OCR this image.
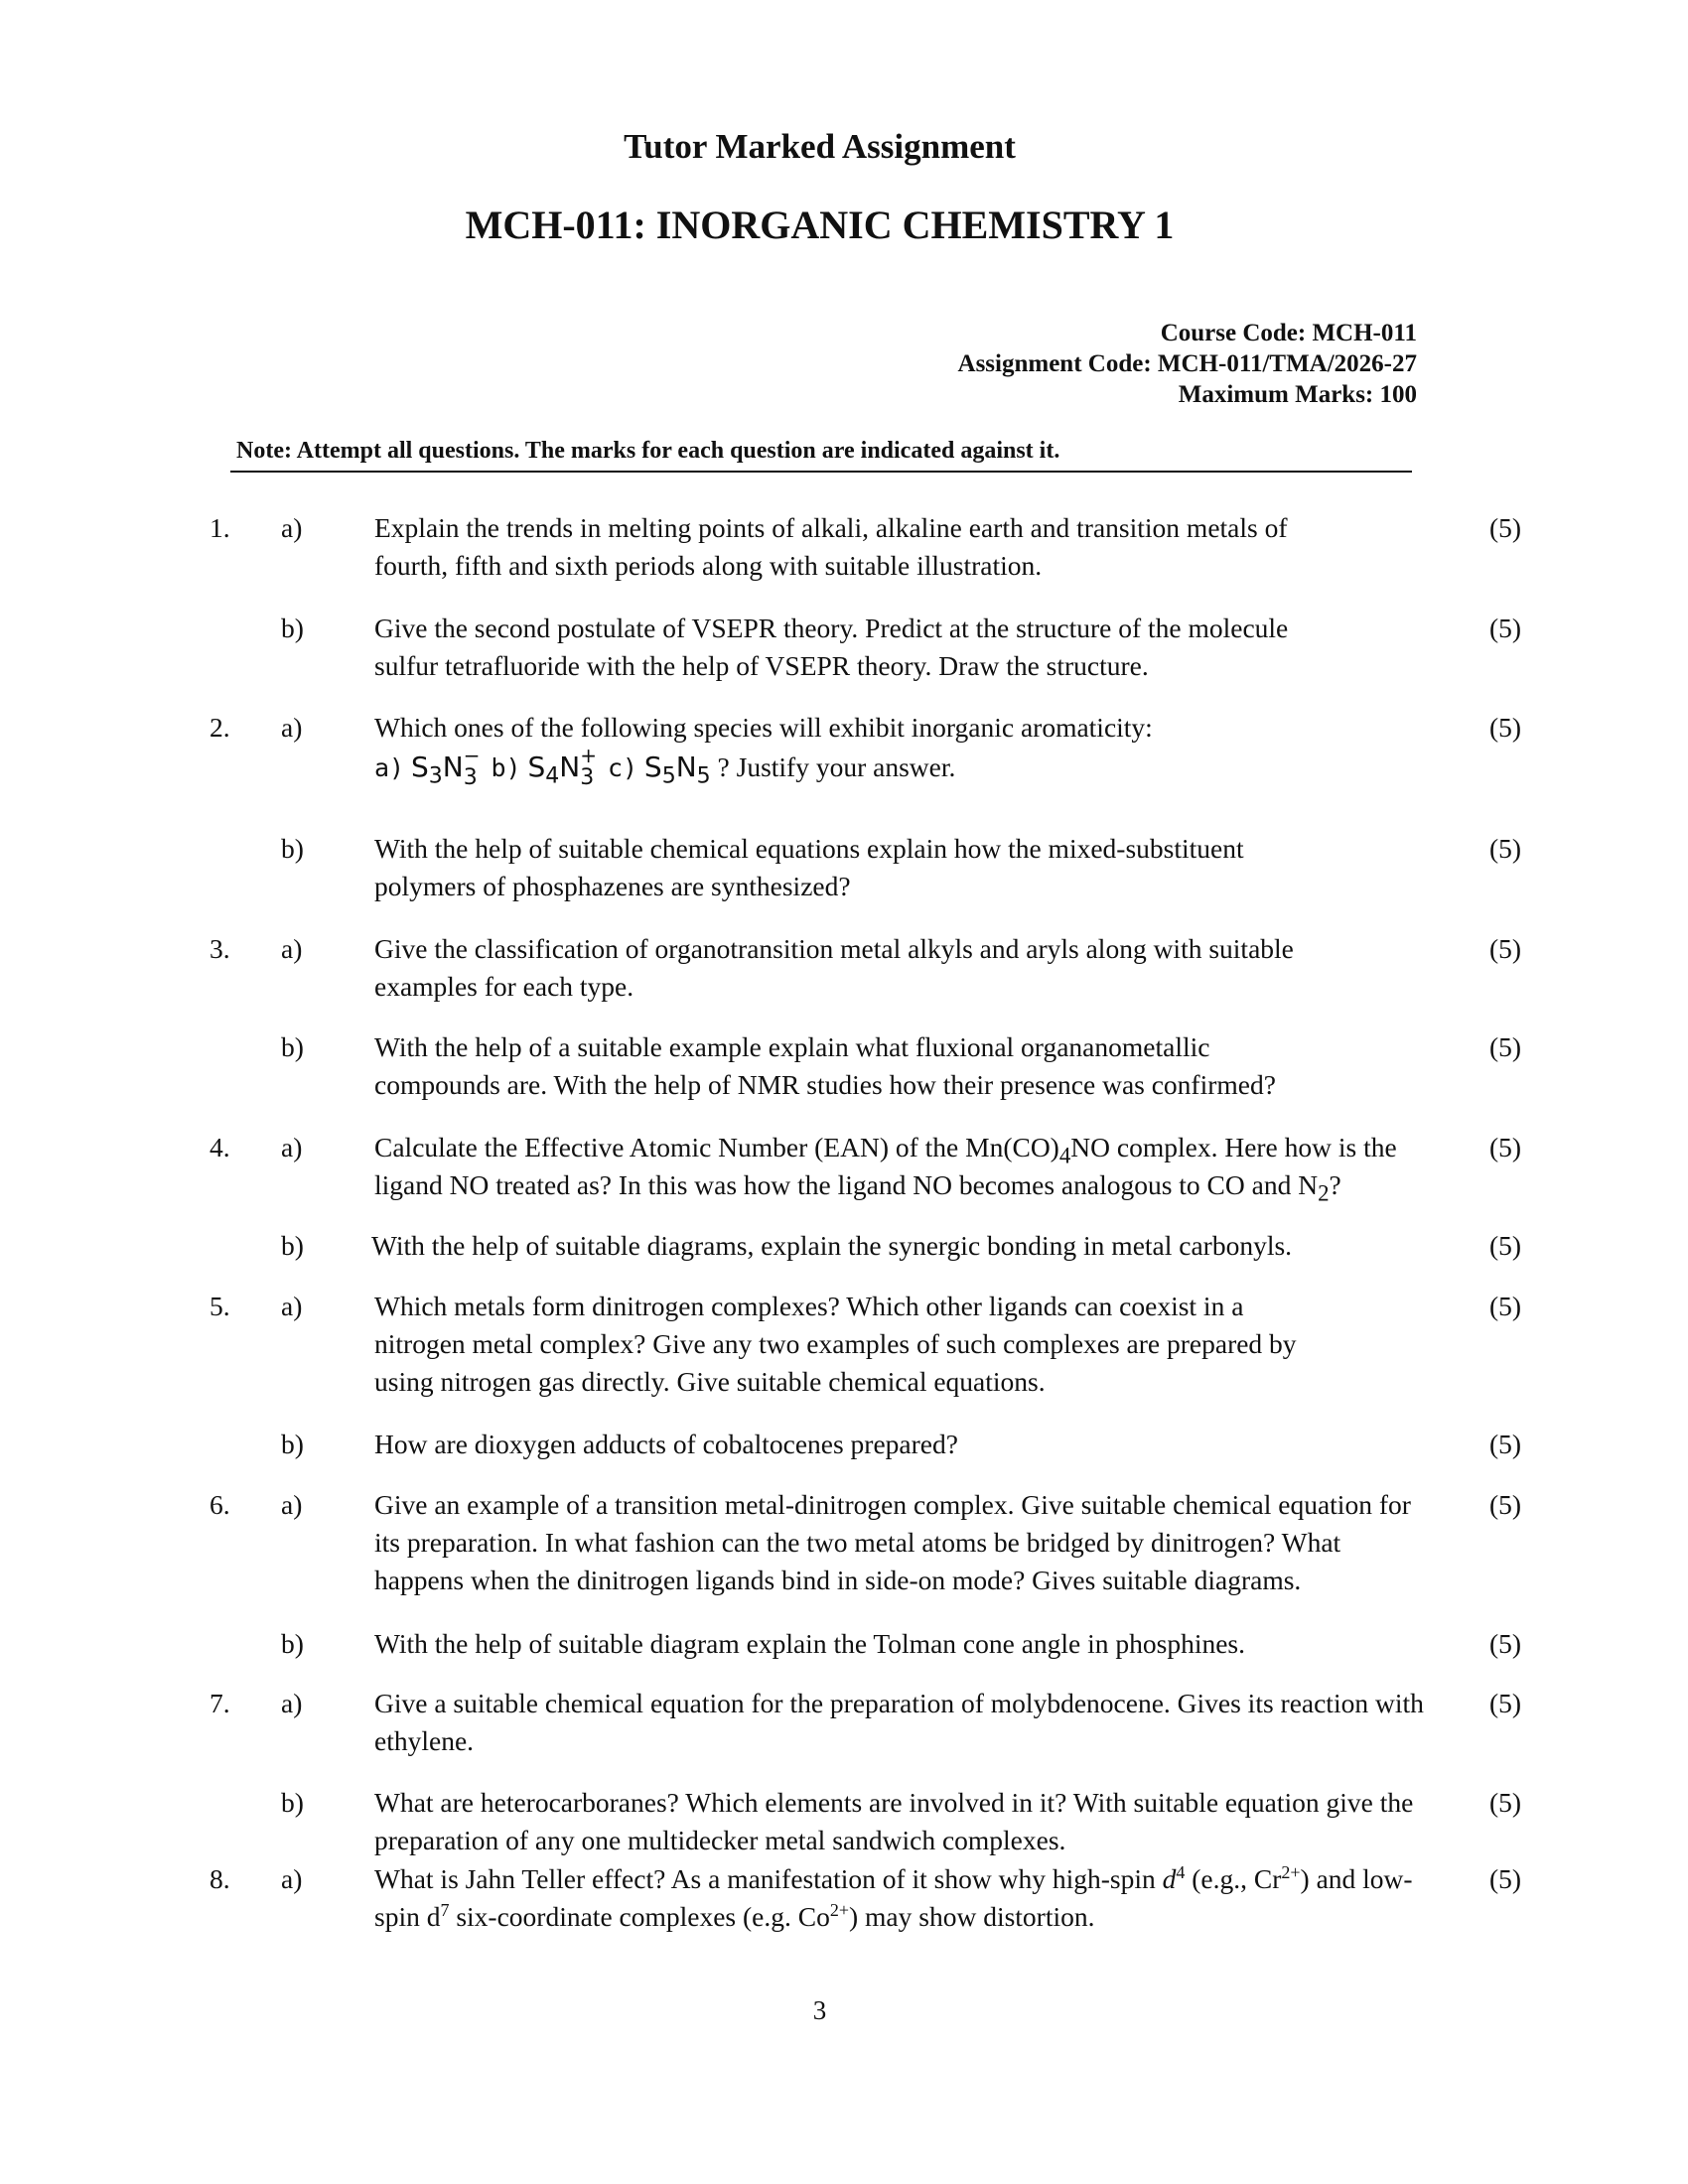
Tutor Marked Assignment
MCH-011: INORGANIC CHEMISTRY 1
Course Code: MCH-011
Assignment Code: MCH-011/TMA/2026-27
Maximum Marks: 100
Note: Attempt all questions. The marks for each question are indicated against it.
1. a)	Explain the trends in melting points of alkali, alkaline earth and transition metals of
fourth, fifth and sixth periods along with suitable illustration.
(5)
b)	Give the second postulate of VSEPR theory. Predict at the structure of the molecule
sulfur tetrafluoride with the help of VSEPR theory. Draw the structure.
(5)
2. a)	Which ones of the following species will exhibit inorganic aromaticity:
a) $S_3N$ −
$_3$ b) $S_4N$ +
$_3$ c) $S_5N_5$ ? Justify your answer.
(5)
b)	With the help of suitable chemical equations explain how the mixed-substituent
polymers of phosphazenes are synthesized?
(5)
3. a)	Give the classification of organotransition metal alkyls and aryls along with suitable
examples for each type.
(5)
b)	With the help of a suitable example explain what fluxional organanometallic
compounds are. With the help of NMR studies how their presence was confirmed?
(5)
4. a)	Calculate the Effective Atomic Number (EAN) of the $Mn(CO)_4NO$ complex. Here how is the
ligand NO treated as? In this was how the ligand NO becomes analogous to CO and $N_2$?
(5)
b) With the help of suitable diagrams, explain the synergic bonding in metal carbonyls.	(5)
5. a)	Which metals form dinitrogen complexes? Which other ligands can coexist in a
nitrogen metal complex? Give any two examples of such complexes are prepared by
using nitrogen gas directly. Give suitable chemical equations.
(5)
b)	How are dioxygen adducts of cobaltocenes prepared?	(5)
6. a)	Give an example of a transition metal-dinitrogen complex. Give suitable chemical equation for
its preparation. In what fashion can the two metal atoms be bridged by dinitrogen? What
happens when the dinitrogen ligands bind in side-on mode? Gives suitable diagrams.
(5)
b)	With the help of suitable diagram explain the Tolman cone angle in phosphines.	(5)
7. a)	Give a suitable chemical equation for the preparation of molybdenocene. Gives its reaction with
ethylene.
(5)
b)	What are heterocarboranes? Which elements are involved in it? With suitable equation give the
preparation of any one multidecker metal sandwich complexes.
(5)
8. a)	What is Jahn Teller effect? As a manifestation of it show why high-spin $d^4$ (e.g., $Cr^{2+}$) and low-
spin $d^7$ six-coordinate complexes (e.g. $Co^{2+}$) may show distortion.
(5)
3
